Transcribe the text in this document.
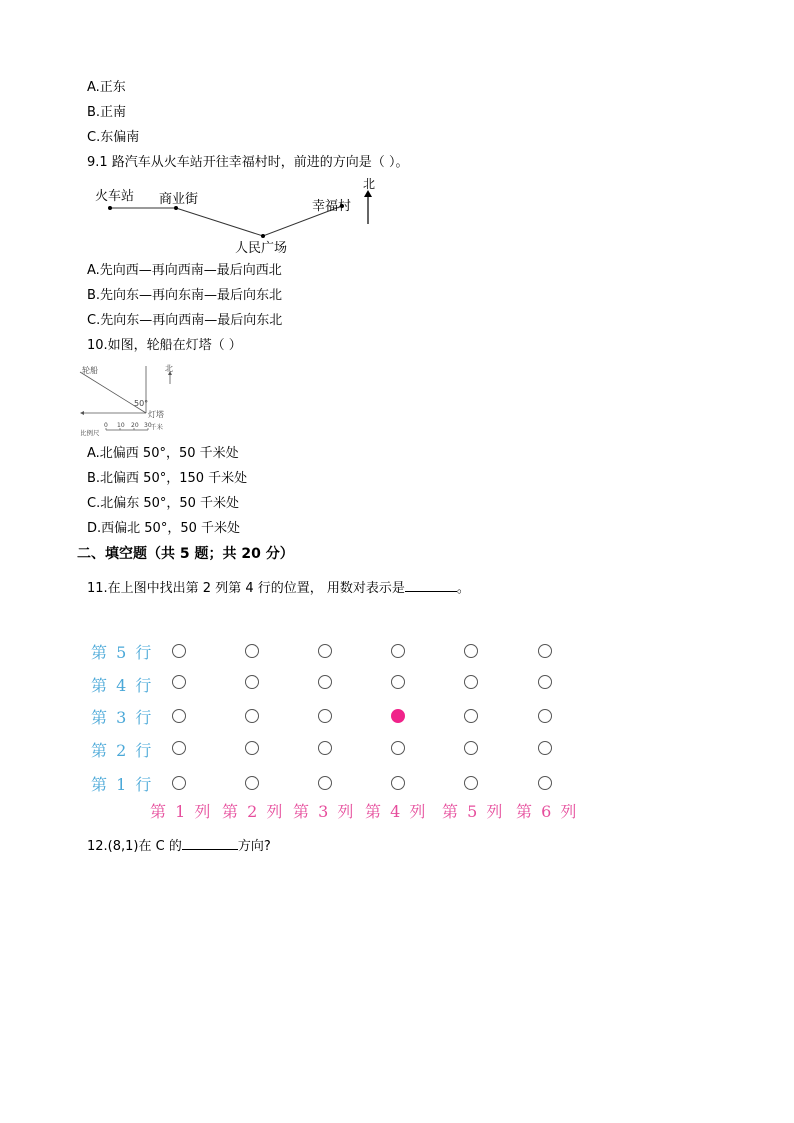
A.正东
B.正南
C.东偏南
9.1 路汽车从火车站开往幸福村时，前进的方向是（ ）。
火车站 商业街	幸福村
人民广场
北
A.先向西—再向西南—最后向西北
B.先向东—再向东南—最后向东北
C.先向东—再向西南—最后向东北
10.如图，轮船在灯塔（ ）
北
轮船
50°
灯塔
比例尺
0 10 20 30
千米
A.北偏西 50°，50 千米处
B.北偏西 50°，150 千米处
C.北偏东 50°，50 千米处
D.西偏北 50°，50 千米处
二、填空题（共 5 题；共 20 分）
11.在上图中找出第 2 列第 4 行的位置， 用数对表示是	。
第 5 行
第 4 行
第 3 行
第 2 行
第 1 行
第 1 列 第 2 列 第 3 列 第 4 列 第 5 列 第 6 列
12.(8,1)在 C 的	方向?
